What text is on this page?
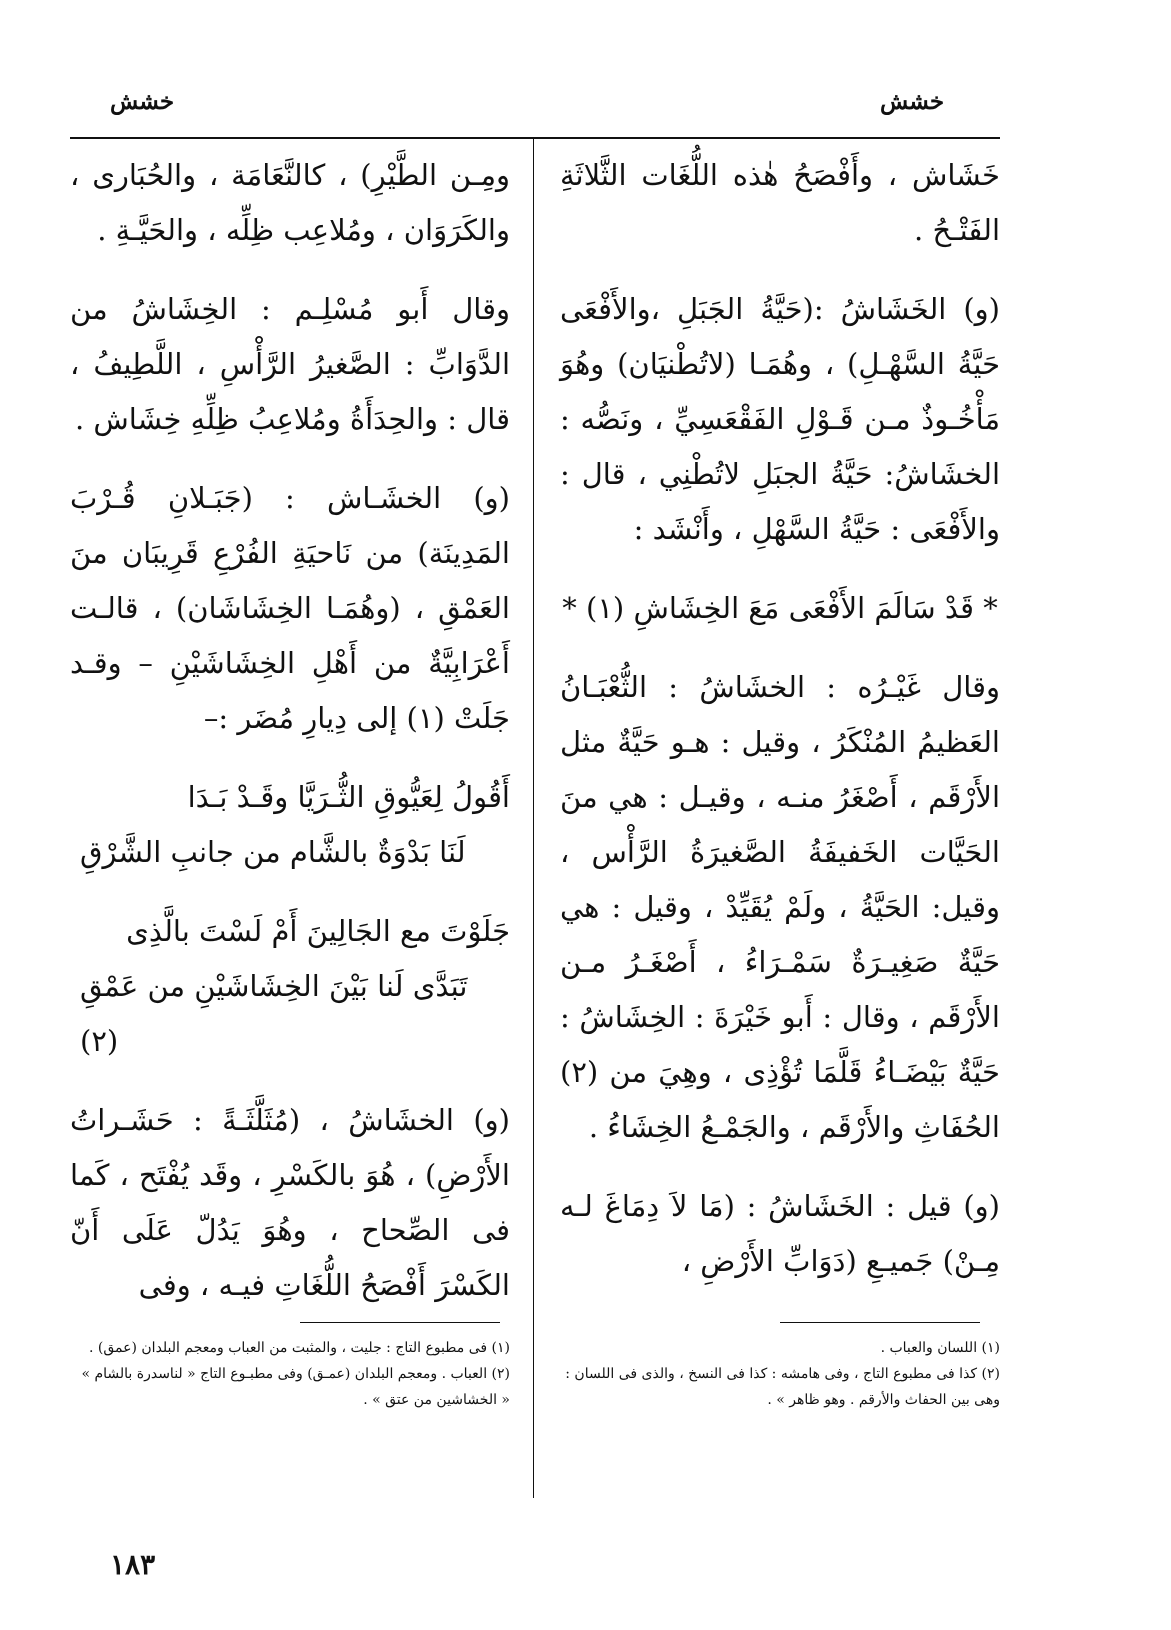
خشش	خشش

خَشَاش ، وأَفْصَحُ هٰذه اللُّغَات الثَّلاثَةِ الفَتْـحُ .

(و) الخَشَاشُ :(حَيَّةُ الجَبَلِ ،والأَفْعَى حَيَّةُ السَّهْـلِ) ، وهُمَـا (لاتُطْنيَان) وهُوَ مَأْخُـوذٌ مـن قَـوْلِ الفَقْعَسِيِّ ، ونَصُّه : الخشَاشُ: حَيَّةُ الجبَلِ لاتُطْنِي ، قال : والأَفْعَى : حَيَّةُ السَّهْلِ ، وأَنْشَد :

* قَدْ سَالَمَ الأَفْعَى مَعَ الخِشَاشِ (١) *

وقال غَيْـرُه : الخشَاشُ : الثُّعْبَـانُ العَظيمُ المُنْكَرُ ، وقيل : هـو حَيَّةٌ مثل الأَرْقَم ، أَصْغَرُ منـه ، وقيـل : هي منَ الحَيَّات الخَفيفَةُ الصَّغيرَةُ الرَّأْس ، وقيل: الحَيَّةُ ، ولَمْ يُقَيِّدْ ، وقيل : هي حَيَّةٌ صَغِيـرَةٌ سَمْـرَاءُ ، أَصْغَـرُ مـن الأَرْقَم ، وقال : أَبو خَيْرَةَ : الخِشَاشُ : حَيَّةٌ بَيْضَـاءُ قَلَّمَا تُؤْذِى ، وهِيَ من (٢) الحُفَاثِ والأَرْقَم ، والجَمْـعُ الخِشَاءُ .

(و) قيل : الخَشَاشُ : (مَا لاَ دِمَاغَ لـه مِـنْ) جَميـعِ (دَوَابِّ الأَرْضِ ،

ومِـن الطَّيْرِ) ، كالنَّعَامَة ، والحُبَارى ، والكَرَوَان ، ومُلاعِب ظِلِّه ، والحَيَّـةِ .

وقال أَبو مُسْلِـم : الخِشَاشُ من الدَّوَابِّ : الصَّغيرُ الرَّأْسِ ، اللَّطِيفُ ، قال : والحِدَأَةُ ومُلاعِبُ ظِلِّهِ خِشَاش .

(و) الخشَـاش : (جَبَـلانِ قُـرْبَ المَدِينَة) من نَاحيَةِ الفُرْعِ قَرِيبَان منَ العَمْقِ ، (وهُمَـا الخِشَاشَان) ، قالـت أَعْرَابِيَّةٌ من أَهْلِ الخِشَاشَيْنِ – وقـد جَلَتْ (١) إلى دِيارِ مُضَر :–

أَقُولُ لِعَيُّوقِ الثُّـرَيَّا وقَـدْ بَـدَا
لَنَا بَدْوَةٌ بالشَّام من جانبِ الشَّرْقِ
جَلَوْتَ مع الجَالِينَ أَمْ لَسْتَ بالَّذِى
تَبَدَّى لَنا بَيْنَ الخِشَاشَيْنِ من عَمْقِ (٢)

(و) الخشَاشُ ، (مُثَلَّثَـةً : حَشَـراتُ الأَرْضِ) ، هُوَ بالكَسْرِ ، وقَد يُفْتَح ، كَما فى الصِّحاح ، وهُوَ يَدُلّ عَلَى أَنّ الكَسْرَ أَفْصَحُ اللُّغَاتِ فيـه ، وفى

(١) اللسان والعباب .

(٢) كذا فى مطبوع التاج ، وفى هامشه : كذا فى النسخ ، والذى فى اللسان : وهى بين الحفاث والأرقم . وهو ظاهر » .

(١) فى مطبوع التاج : جليت ، والمثبت من العباب ومعجم البلدان (عمق) .

(٢) العباب . ومعجم البلدان (عمـق) وفى مطبـوع التاج « لناسدرة بالشام » « الخشاشين من عتق » .

١٨٣
